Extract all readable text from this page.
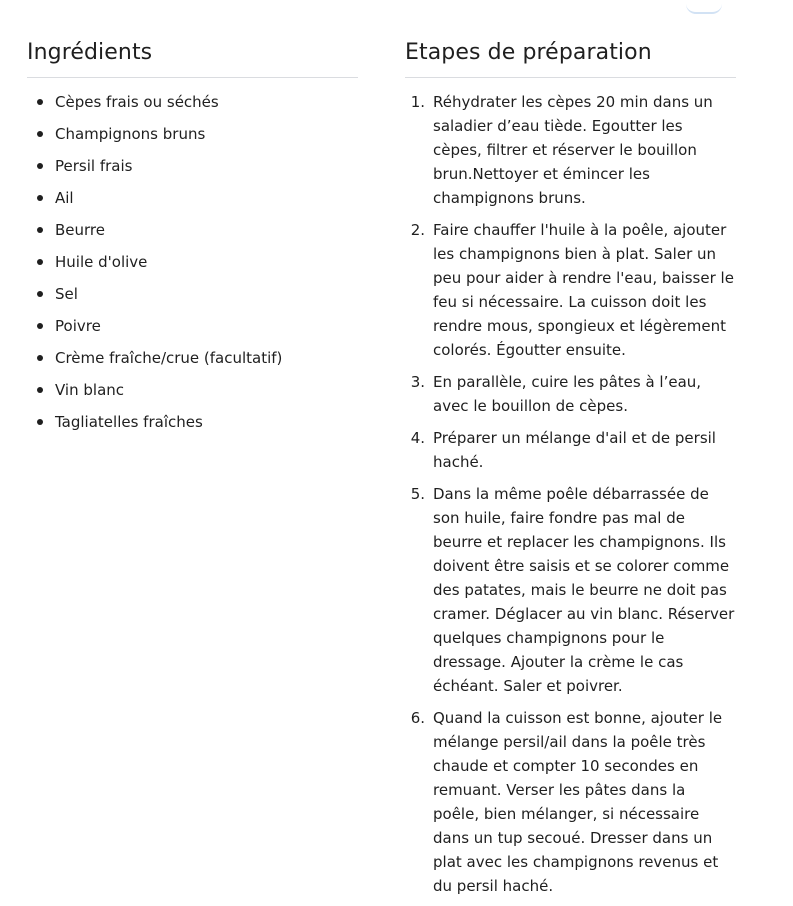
Ingrédients
Cèpes frais ou séchés
Champignons bruns
Persil frais
Ail
Beurre
Huile d'olive
Sel
Poivre
Crème fraîche/crue (facultatif)
Vin blanc
Tagliatelles fraîches
Etapes de préparation
1. Réhydrater les cèpes 20 min dans un saladier d’eau tiède. Egoutter les cèpes, filtrer et réserver le bouillon brun.Nettoyer et émincer les champignons bruns.
2. Faire chauffer l'huile à la poêle, ajouter les champignons bien à plat. Saler un peu pour aider à rendre l'eau, baisser le feu si nécessaire. La cuisson doit les rendre mous, spongieux et légèrement colorés. Égoutter ensuite.
3. En parallèle, cuire les pâtes à l’eau, avec le bouillon de cèpes.
4. Préparer un mélange d'ail et de persil haché.
5. Dans la même poêle débarrassée de son huile, faire fondre pas mal de beurre et replacer les champignons. Ils doivent être saisis et se colorer comme des patates, mais le beurre ne doit pas cramer. Déglacer au vin blanc. Réserver quelques champignons pour le dressage. Ajouter la crème le cas échéant. Saler et poivrer.
6. Quand la cuisson est bonne, ajouter le mélange persil/ail dans la poêle très chaude et compter 10 secondes en remuant. Verser les pâtes dans la poêle, bien mélanger, si nécessaire dans un tup secoué. Dresser dans un plat avec les champignons revenus et du persil haché.
